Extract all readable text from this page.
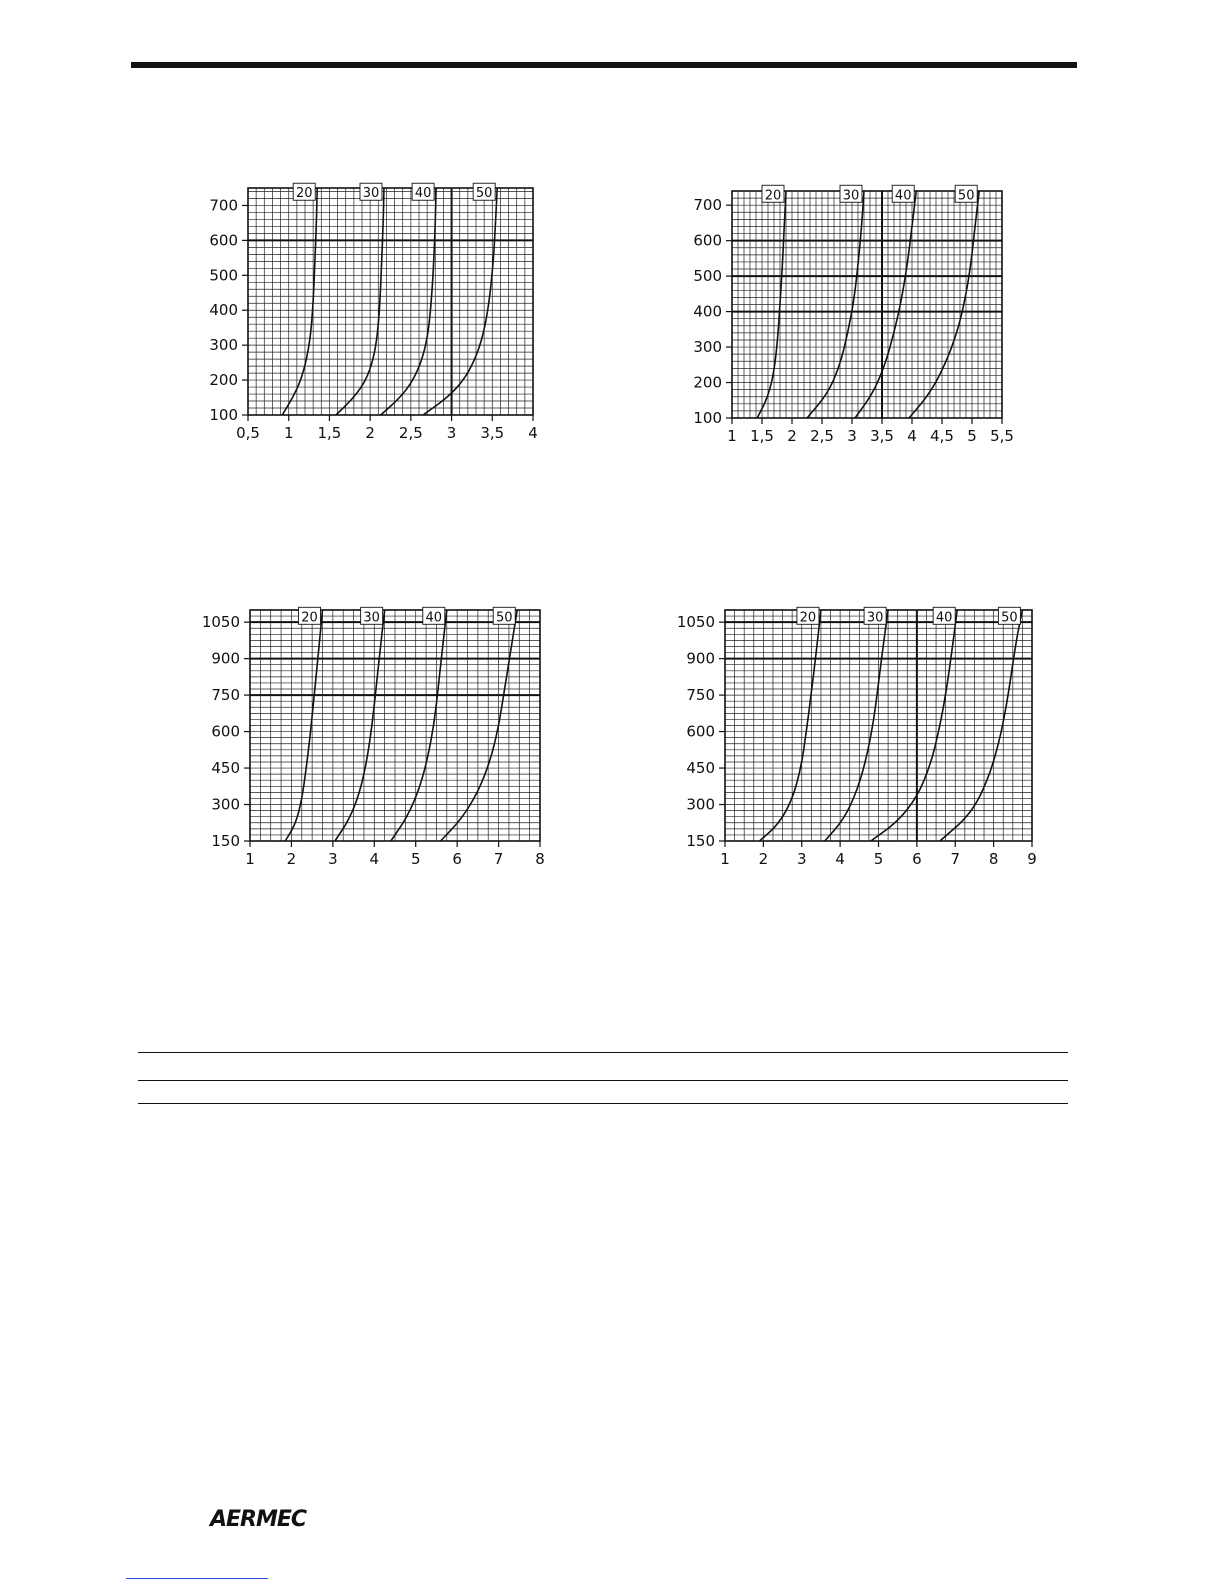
0,5 1 1,5 2 2,5 3 3,5 4
100
200
300
400
500
600
700
20	30	40	50
1 1,5 2 2,5 3 3,5 4 4,5 5 5,5
100
200
300
400
500
600
700
20	30	40	50
1 2 3 4 5 6 7 8
150
300
450
600
750
900
1050	20	30	40	50
1 2 3 4 5 6 7 8 9
150
300
450
600
750
900
1050	20	30	40	50
AERMEC
